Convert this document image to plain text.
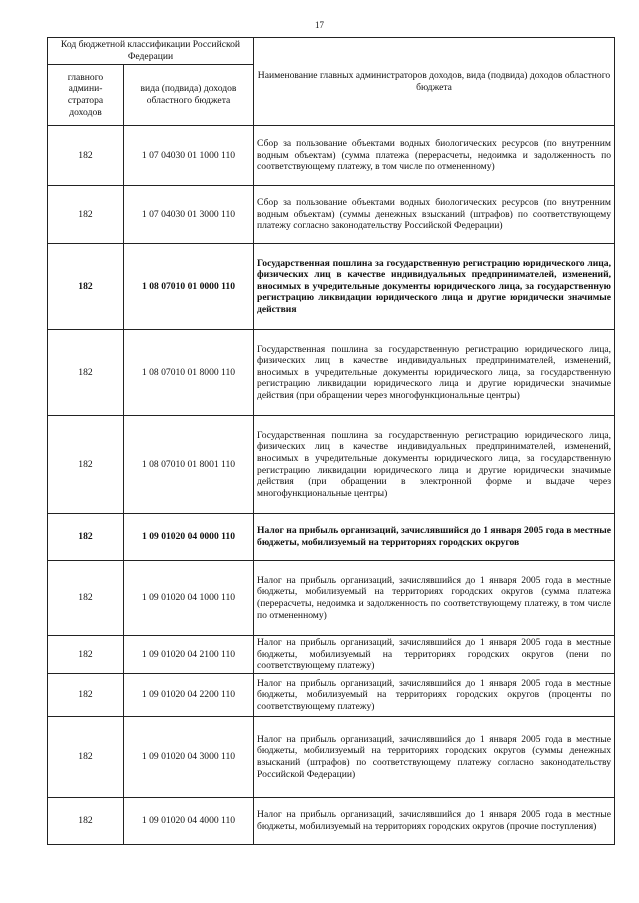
17
Код бюджетной классификации Российской Федерации		Наименование главных администраторов доходов, вида (подвида) доходов областного бюджета
главного админи-стратора доходов	вида (подвида) доходов областного бюджета	
182	1 07 04030 01 1000 110	Сбор за пользование объектами водных биологических ресурсов (по внутренним водным объектам) (сумма платежа (перерасчеты, недоимка и задолженность по соответствующему платежу, в том числе по отмененному)
182	1 07 04030 01 3000 110	Сбор за пользование объектами водных биологических ресурсов (по внутренним водным объектам) (суммы денежных взысканий (штрафов) по соответствующему платежу согласно законодательству Российской Федерации)
182	1 08 07010 01 0000 110	Государственная пошлина за государственную регистрацию юридического лица, физических лиц в качестве индивидуальных предпринимателей, изменений, вносимых в учредительные документы юридического лица, за государственную регистрацию ликвидации юридического лица и другие юридически значимые действия
182	1 08 07010 01 8000 110	Государственная пошлина за государственную регистрацию юридического лица, физических лиц в качестве индивидуальных предпринимателей, изменений, вносимых в учредительные документы юридического лица, за государственную регистрацию ликвидации юридического лица и другие юридически значимые действия (при обращении через многофункциональные центры)
182	1 08 07010 01 8001 110	Государственная пошлина за государственную регистрацию юридического лица, физических лиц в качестве индивидуальных предпринимателей, изменений, вносимых в учредительные документы юридического лица, за государственную регистрацию ликвидации юридического лица и другие юридически значимые действия (при обращении в электронной форме и выдаче через многофункциональные центры)
182	1 09 01020 04 0000 110	Налог на прибыль организаций, зачислявшийся до 1 января 2005 года в местные бюджеты, мобилизуемый на территориях городских округов
182	1 09 01020 04 1000 110	Налог на прибыль организаций, зачислявшийся до 1 января 2005 года в местные бюджеты, мобилизуемый на территориях городских округов (сумма платежа (перерасчеты, недоимка и задолженность по соответствующему платежу, в том числе по отмененному)
182	1 09 01020 04 2100 110	Налог на прибыль организаций, зачислявшийся до 1 января 2005 года в местные бюджеты, мобилизуемый на территориях городских округов (пени по соответствующему платежу)
182	1 09 01020 04 2200 110	Налог на прибыль организаций, зачислявшийся до 1 января 2005 года в местные бюджеты, мобилизуемый на территориях городских округов (проценты по соответствующему платежу)
182	1 09 01020 04 3000 110	Налог на прибыль организаций, зачислявшийся до 1 января 2005 года в местные бюджеты, мобилизуемый на территориях городских округов (суммы денежных взысканий (штрафов) по соответствующему платежу согласно законодательству Российской Федерации)
182	1 09 01020 04 4000 110	Налог на прибыль организаций, зачислявшийся до 1 января 2005 года в местные бюджеты, мобилизуемый на территориях городских округов (прочие поступления)
